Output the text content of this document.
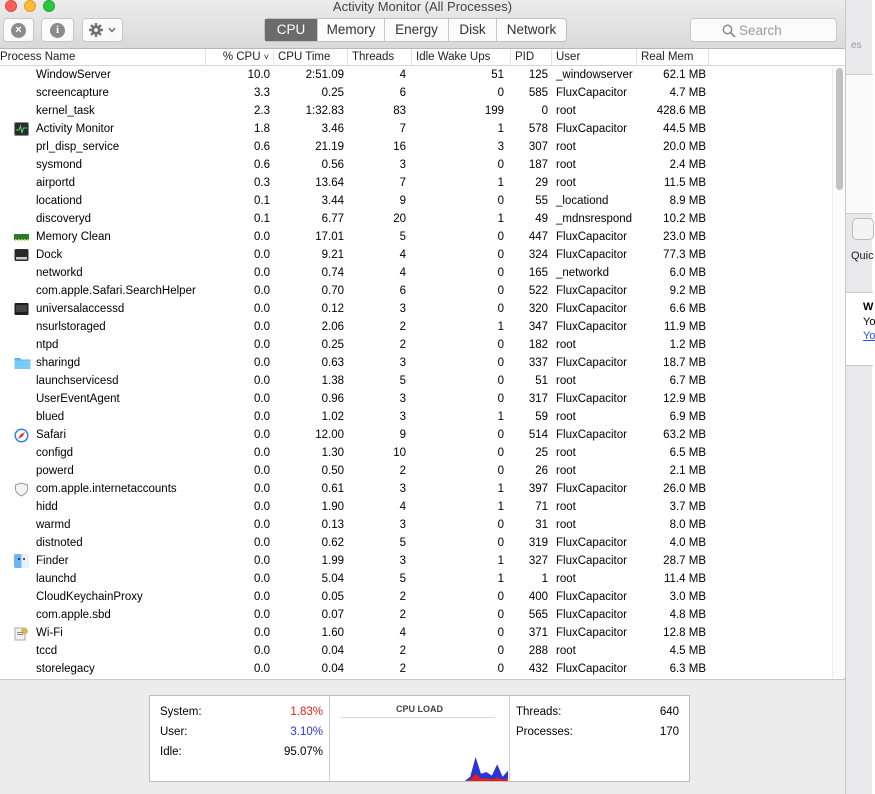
es
Quic
W
Yo
Yo
Activity Monitor (All Processes)
×	i	CPU	Memory	Energy	Disk	Network
Search
Process Name	% CPU ˅ CPU Time	Threads	Idle Wake Ups	PID	User	Real Mem
WindowServer	10.0	2:51.09	4	51	125 _windowserver	62.1 MB
screencapture	3.3	0.25	6	0	585 FluxCapacitor	4.7 MB
kernel_task	2.3	1:32.83	83	199	0 root	428.6 MB
Activity Monitor	1.8	3.46	7	1	578 FluxCapacitor	44.5 MB
prl_disp_service	0.6	21.19	16	3	307 root	20.0 MB
sysmond	0.6	0.56	3	0	187 root	2.4 MB
airportd	0.3	13.64	7	1	29 root	11.5 MB
locationd	0.1	3.44	9	0	55 _locationd	8.9 MB
discoveryd	0.1	6.77	20	1	49 _mdnsrespond	10.2 MB
Memory Clean	0.0	17.01	5	0	447 FluxCapacitor	23.0 MB
Dock	0.0	9.21	4	0	324 FluxCapacitor	77.3 MB
networkd	0.0	0.74	4	0	165 _networkd	6.0 MB
com.apple.Safari.SearchHelper	0.0	0.70	6	0	522 FluxCapacitor	9.2 MB
universalaccessd	0.0	0.12	3	0	320 FluxCapacitor	6.6 MB
nsurlstoraged	0.0	2.06	2	1	347 FluxCapacitor	11.9 MB
ntpd	0.0	0.25	2	0	182 root	1.2 MB
sharingd	0.0	0.63	3	0	337 FluxCapacitor	18.7 MB
launchservicesd	0.0	1.38	5	0	51 root	6.7 MB
UserEventAgent	0.0	0.96	3	0	317 FluxCapacitor	12.9 MB
blued	0.0	1.02	3	1	59 root	6.9 MB
Safari	0.0	12.00	9	0	514 FluxCapacitor	63.2 MB
configd	0.0	1.30	10	0	25 root	6.5 MB
powerd	0.0	0.50	2	0	26 root	2.1 MB
com.apple.internetaccounts	0.0	0.61	3	1	397 FluxCapacitor	26.0 MB
hidd	0.0	1.90	4	1	71 root	3.7 MB
warmd	0.0	0.13	3	0	31 root	8.0 MB
distnoted	0.0	0.62	5	0	319 FluxCapacitor	4.0 MB
Finder	0.0	1.99	3	1	327 FluxCapacitor	28.7 MB
launchd	0.0	5.04	5	1	1 root	11.4 MB
CloudKeychainProxy	0.0	0.05	2	0	400 FluxCapacitor	3.0 MB
com.apple.sbd	0.0	0.07	2	0	565 FluxCapacitor	4.8 MB
Wi-Fi	0.0	1.60	4	0	371 FluxCapacitor	12.8 MB
tccd	0.0	0.04	2	0	288 root	4.5 MB
storelegacy	0.0	0.04	2	0	432 FluxCapacitor	6.3 MB
System:	1.83%
User:	3.10%
Idle:	95.07%
CPU LOAD	Threads:	640
Processes:	170
